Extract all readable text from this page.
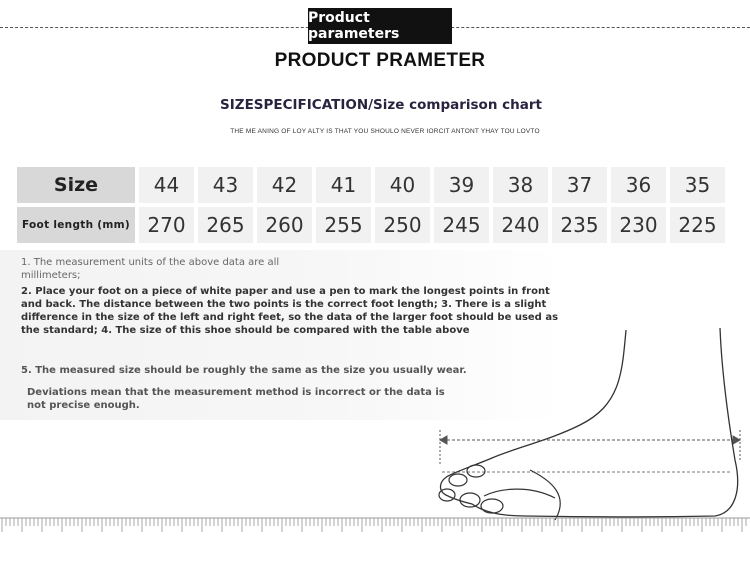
Product parameters
PRODUCT PRAMETER
SIZESPECIFICATION/Size comparison chart
THE ME ANING OF LOY ALTY IS THAT YOU SHOULO NEVER IORCIT ANTONT YHAY TOU LOVTO
Size	44	43	42	41	40	39	38	37	36	35
Foot length (mm)	270	265	260	255	250	245	240	235	230	225
1. The measurement units of the above data are all millimeters;
2. Place your foot on a piece of white paper and use a pen to mark the longest points in front and back. The distance between the two points is the correct foot length; 3. There is a slight difference in the size of the left and right feet, so the data of the larger foot should be used as the standard; 4. The size of this shoe should be compared with the table above
5. The measured size should be roughly the same as the size you usually wear.
Deviations mean that the measurement method is incorrect or the data is not precise enough.
